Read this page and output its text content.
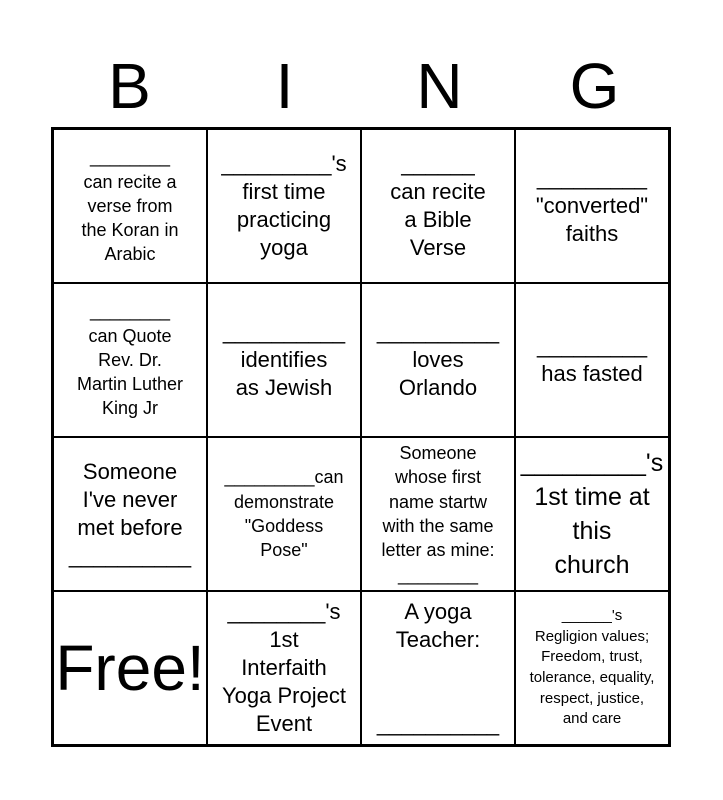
B	I	N	G
________
can recite a
verse from
the Koran in
Arabic
_________'s
first time
practicing
yoga
______
can recite
a Bible
Verse
_________
"converted"
faiths
________
can Quote
Rev. Dr.
Martin Luther
King Jr
__________
identifies
as Jewish
__________
loves
Orlando
_________
has fasted
Someone
I've never
met before
__________
_________can
demonstrate
"Goddess
Pose"
Someone
whose first
name startw
with the same
letter as mine:
________
_________'s
1st time at
this
church
Free!
________'s 1st
Interfaith
Yoga Project
Event
A yoga
Teacher:

__________
______'s
Regligion values;
Freedom, trust,
tolerance, equality,
respect, justice,
and care
